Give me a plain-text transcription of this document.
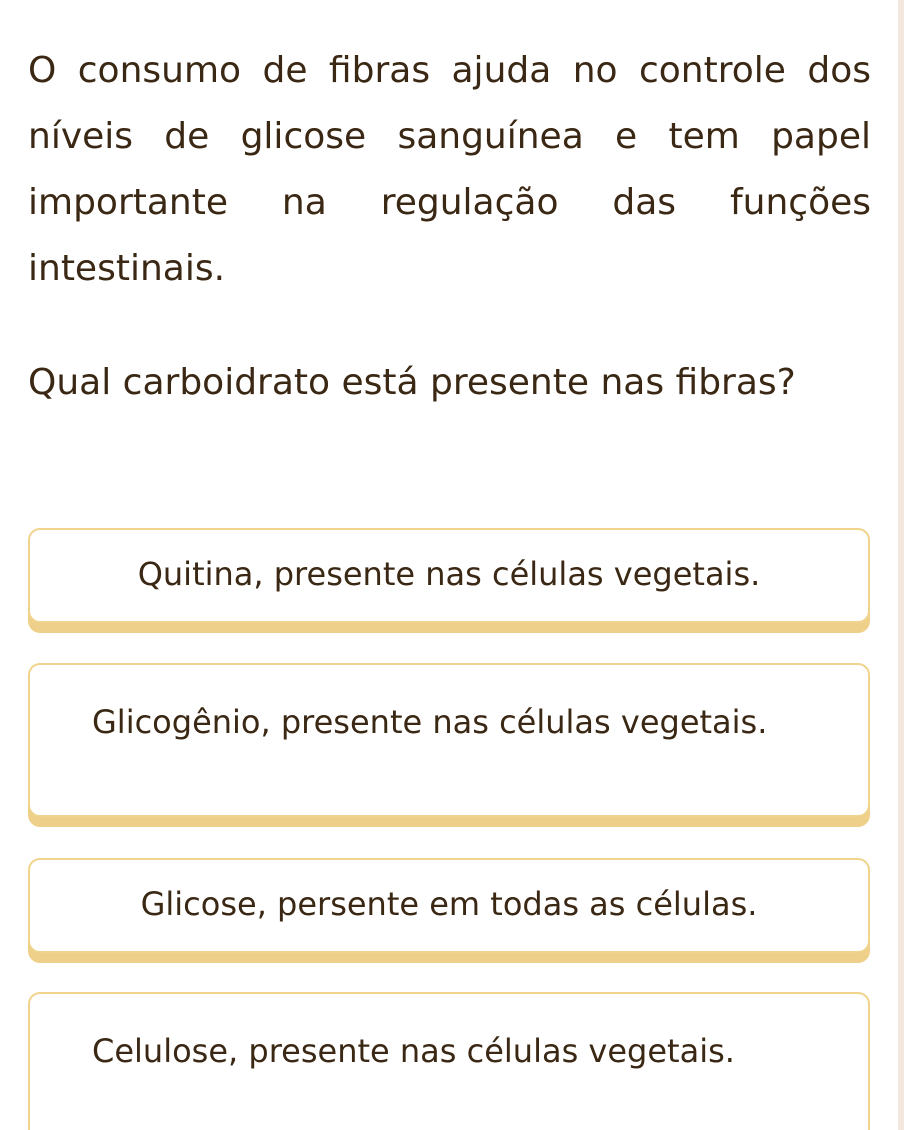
O consumo de fibras ajuda no controle dos níveis de glicose sanguínea e tem papel importante na regulação das funções intestinais.

Qual carboidrato está presente nas fibras?

Quitina, presente nas células vegetais.
Glicogênio, presente nas células vegetais.
Glicose, persente em todas as células.
Celulose, presente nas células vegetais.
